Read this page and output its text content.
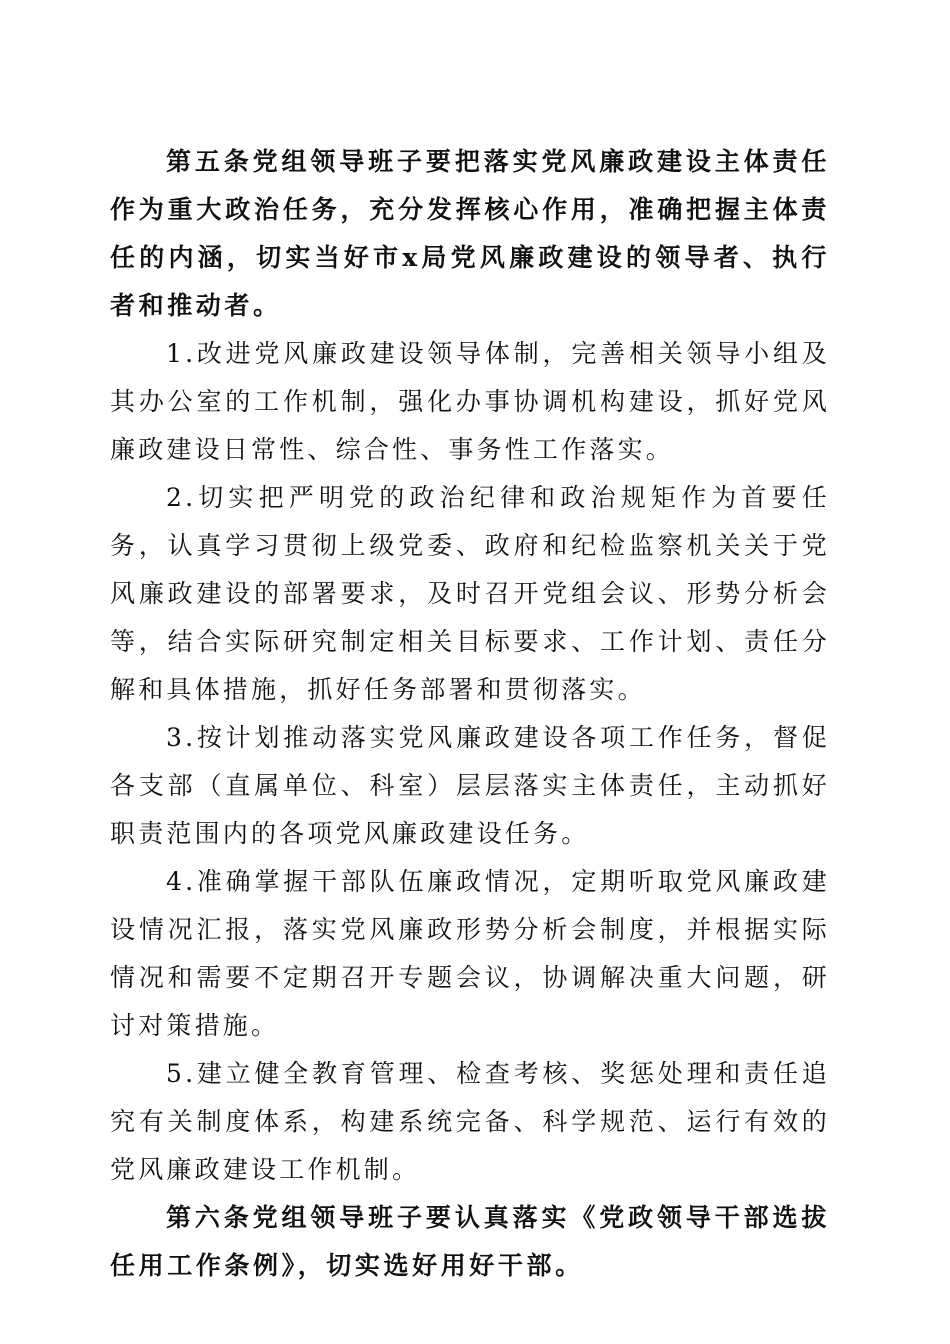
第五条党组领导班子要把落实党风廉政建设主体责任作为重大政治任务，充分发挥核心作用，准确把握主体责任的内涵，切实当好市x局党风廉政建设的领导者、执行者和推动者。

1.改进党风廉政建设领导体制，完善相关领导小组及其办公室的工作机制，强化办事协调机构建设，抓好党风廉政建设日常性、综合性、事务性工作落实。

2.切实把严明党的政治纪律和政治规矩作为首要任务，认真学习贯彻上级党委、政府和纪检监察机关关于党风廉政建设的部署要求，及时召开党组会议、形势分析会等，结合实际研究制定相关目标要求、工作计划、责任分解和具体措施，抓好任务部署和贯彻落实。

3.按计划推动落实党风廉政建设各项工作任务，督促各支部（直属单位、科室）层层落实主体责任，主动抓好职责范围内的各项党风廉政建设任务。

4.准确掌握干部队伍廉政情况，定期听取党风廉政建设情况汇报，落实党风廉政形势分析会制度，并根据实际情况和需要不定期召开专题会议，协调解决重大问题，研讨对策措施。

5.建立健全教育管理、检查考核、奖惩处理和责任追究有关制度体系，构建系统完备、科学规范、运行有效的党风廉政建设工作机制。

第六条党组领导班子要认真落实《党政领导干部选拔任用工作条例》，切实选好用好干部。
